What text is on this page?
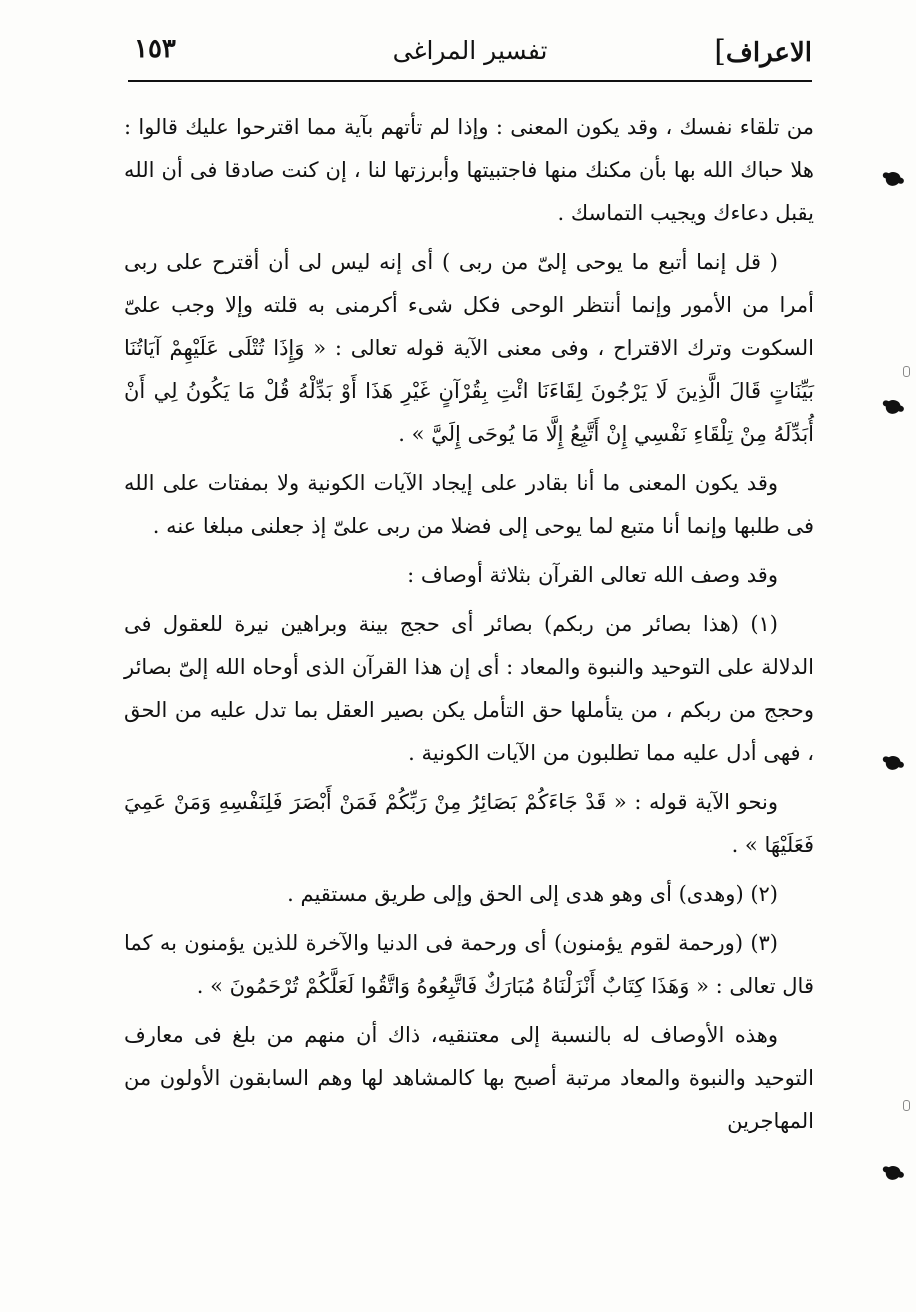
الاعراف]
تفسير المراغى
١٥٣

من تلقاء نفسك ، وقد يكون المعنى : وإذا لم تأتهم بآية مما اقترحوا عليك قالوا : هلا حباك الله بها بأن مكنك منها فاجتبيتها وأبرزتها لنا ، إن كنت صادقا فى أن الله يقبل دعاءك ويجيب التماسك .

( قل إنما أتبع ما يوحى إلىّ من ربى ) أى إنه ليس لى أن أقترح على ربى أمرا من الأمور وإنما أنتظر الوحى فكل شىء أكرمنى به قلته وإلا وجب علىّ السكوت وترك الاقتراح ، وفى معنى الآية قوله تعالى : « وَإِذَا تُتْلَى عَلَيْهِمْ آيَاتُنَا بَيِّنَاتٍ قَالَ الَّذِينَ لَا يَرْجُونَ لِقَاءَنَا ائْتِ بِقُرْآنٍ غَيْرِ هَذَا أَوْ بَدِّلْهُ قُلْ مَا يَكُونُ لِي أَنْ أُبَدِّلَهُ مِنْ تِلْقَاءِ نَفْسِي إِنْ أَتَّبِعُ إِلَّا مَا يُوحَى إِلَيَّ » .

وقد يكون المعنى ما أنا بقادر على إيجاد الآيات الكونية ولا بمفتات على الله فى طلبها وإنما أنا متبع لما يوحى إلى فضلا من ربى علىّ إذ جعلنى مبلغا عنه .

وقد وصف الله تعالى القرآن بثلاثة أوصاف :

(١) (هذا بصائر من ربكم) بصائر أى حجج بينة وبراهين نيرة للعقول فى الدلالة على التوحيد والنبوة والمعاد : أى إن هذا القرآن الذى أوحاه الله إلىّ بصائر وحجج من ربكم ، من يتأملها حق التأمل يكن بصير العقل بما تدل عليه من الحق ، فهى أدل عليه مما تطلبون من الآيات الكونية .

ونحو الآية قوله : « قَدْ جَاءَكُمْ بَصَائِرُ مِنْ رَبِّكُمْ فَمَنْ أَبْصَرَ فَلِنَفْسِهِ وَمَنْ عَمِيَ فَعَلَيْهَا » .

(٢) (وهدى) أى وهو هدى إلى الحق وإلى طريق مستقيم .

(٣) (ورحمة لقوم يؤمنون) أى ورحمة فى الدنيا والآخرة للذين يؤمنون به كما قال تعالى : « وَهَذَا كِتَابٌ أَنْزَلْنَاهُ مُبَارَكٌ فَاتَّبِعُوهُ وَاتَّقُوا لَعَلَّكُمْ تُرْحَمُونَ » .

وهذه الأوصاف له بالنسبة إلى معتنقيه، ذاك أن منهم من بلغ فى معارف التوحيد والنبوة والمعاد مرتبة أصبح بها كالمشاهد لها وهم السابقون الأولون من المهاجرين
